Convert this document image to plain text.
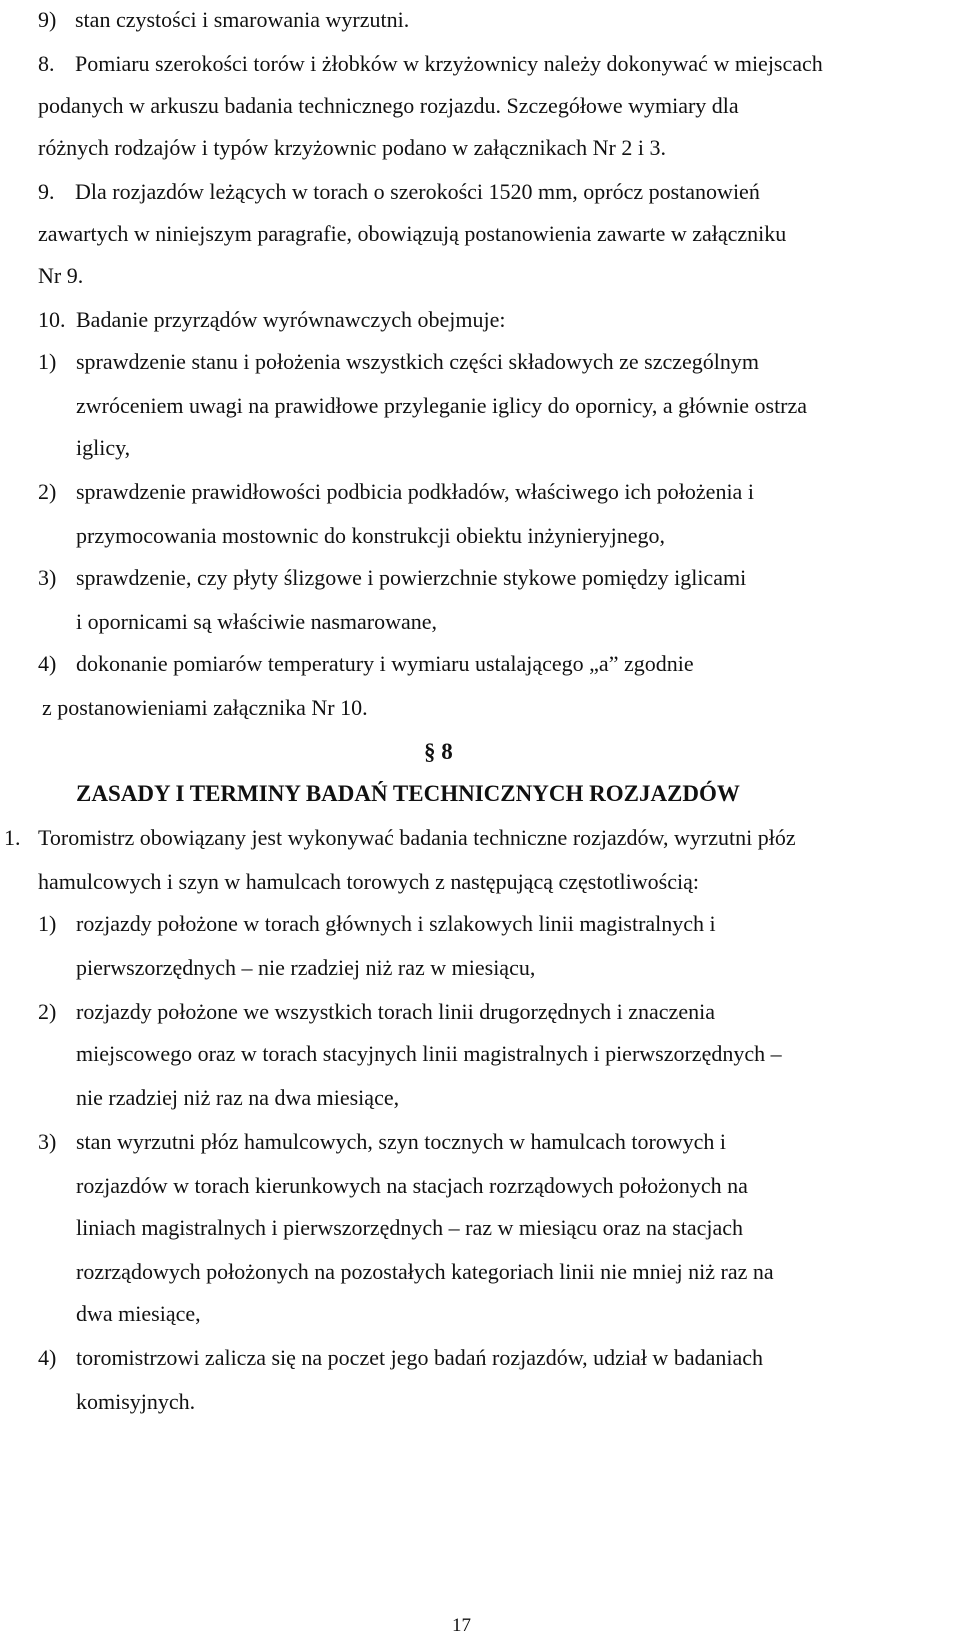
9) stan czystości i smarowania wyrzutni.
8. Pomiaru szerokości torów i żłobków w krzyżownicy należy dokonywać w miejscach
podanych w arkuszu badania technicznego rozjazdu. Szczegółowe wymiary dla
różnych rodzajów i typów krzyżownic podano w załącznikach Nr 2 i 3.
9. Dla rozjazdów leżących w torach o szerokości 1520 mm, oprócz postanowień
zawartych w niniejszym paragrafie, obowiązują postanowienia zawarte w załączniku
Nr 9.
10. Badanie przyrządów wyrównawczych obejmuje:
1) sprawdzenie stanu i położenia wszystkich części składowych ze szczególnym
zwróceniem uwagi na prawidłowe przyleganie iglicy do opornicy, a głównie ostrza
iglicy,
2) sprawdzenie prawidłowości podbicia podkładów, właściwego ich położenia i
przymocowania mostownic do konstrukcji obiektu inżynieryjnego,
3) sprawdzenie, czy płyty ślizgowe i powierzchnie stykowe pomiędzy iglicami
i opornicami są właściwie nasmarowane,
4) dokonanie pomiarów temperatury i wymiaru ustalającego „a” zgodnie
z postanowieniami załącznika Nr 10.
§ 8
ZASADY I TERMINY BADAŃ TECHNICZNYCH ROZJAZDÓW
1. Toromistrz obowiązany jest wykonywać badania techniczne rozjazdów, wyrzutni płóz
hamulcowych i szyn w hamulcach torowych z następującą częstotliwością:
1) rozjazdy położone w torach głównych i szlakowych linii magistralnych i
pierwszorzędnych – nie rzadziej niż raz w miesiącu,
2) rozjazdy położone we wszystkich torach linii drugorzędnych i znaczenia
miejscowego oraz w torach stacyjnych linii magistralnych i pierwszorzędnych –
nie rzadziej niż raz na dwa miesiące,
3) stan wyrzutni płóz hamulcowych, szyn tocznych w hamulcach torowych i
rozjazdów w torach kierunkowych na stacjach rozrządowych położonych na
liniach magistralnych i pierwszorzędnych – raz w miesiącu oraz na stacjach
rozrządowych położonych na pozostałych kategoriach linii nie mniej niż raz na
dwa miesiące,
4) toromistrzowi zalicza się na poczet jego badań rozjazdów, udział w badaniach
komisyjnych.
17
